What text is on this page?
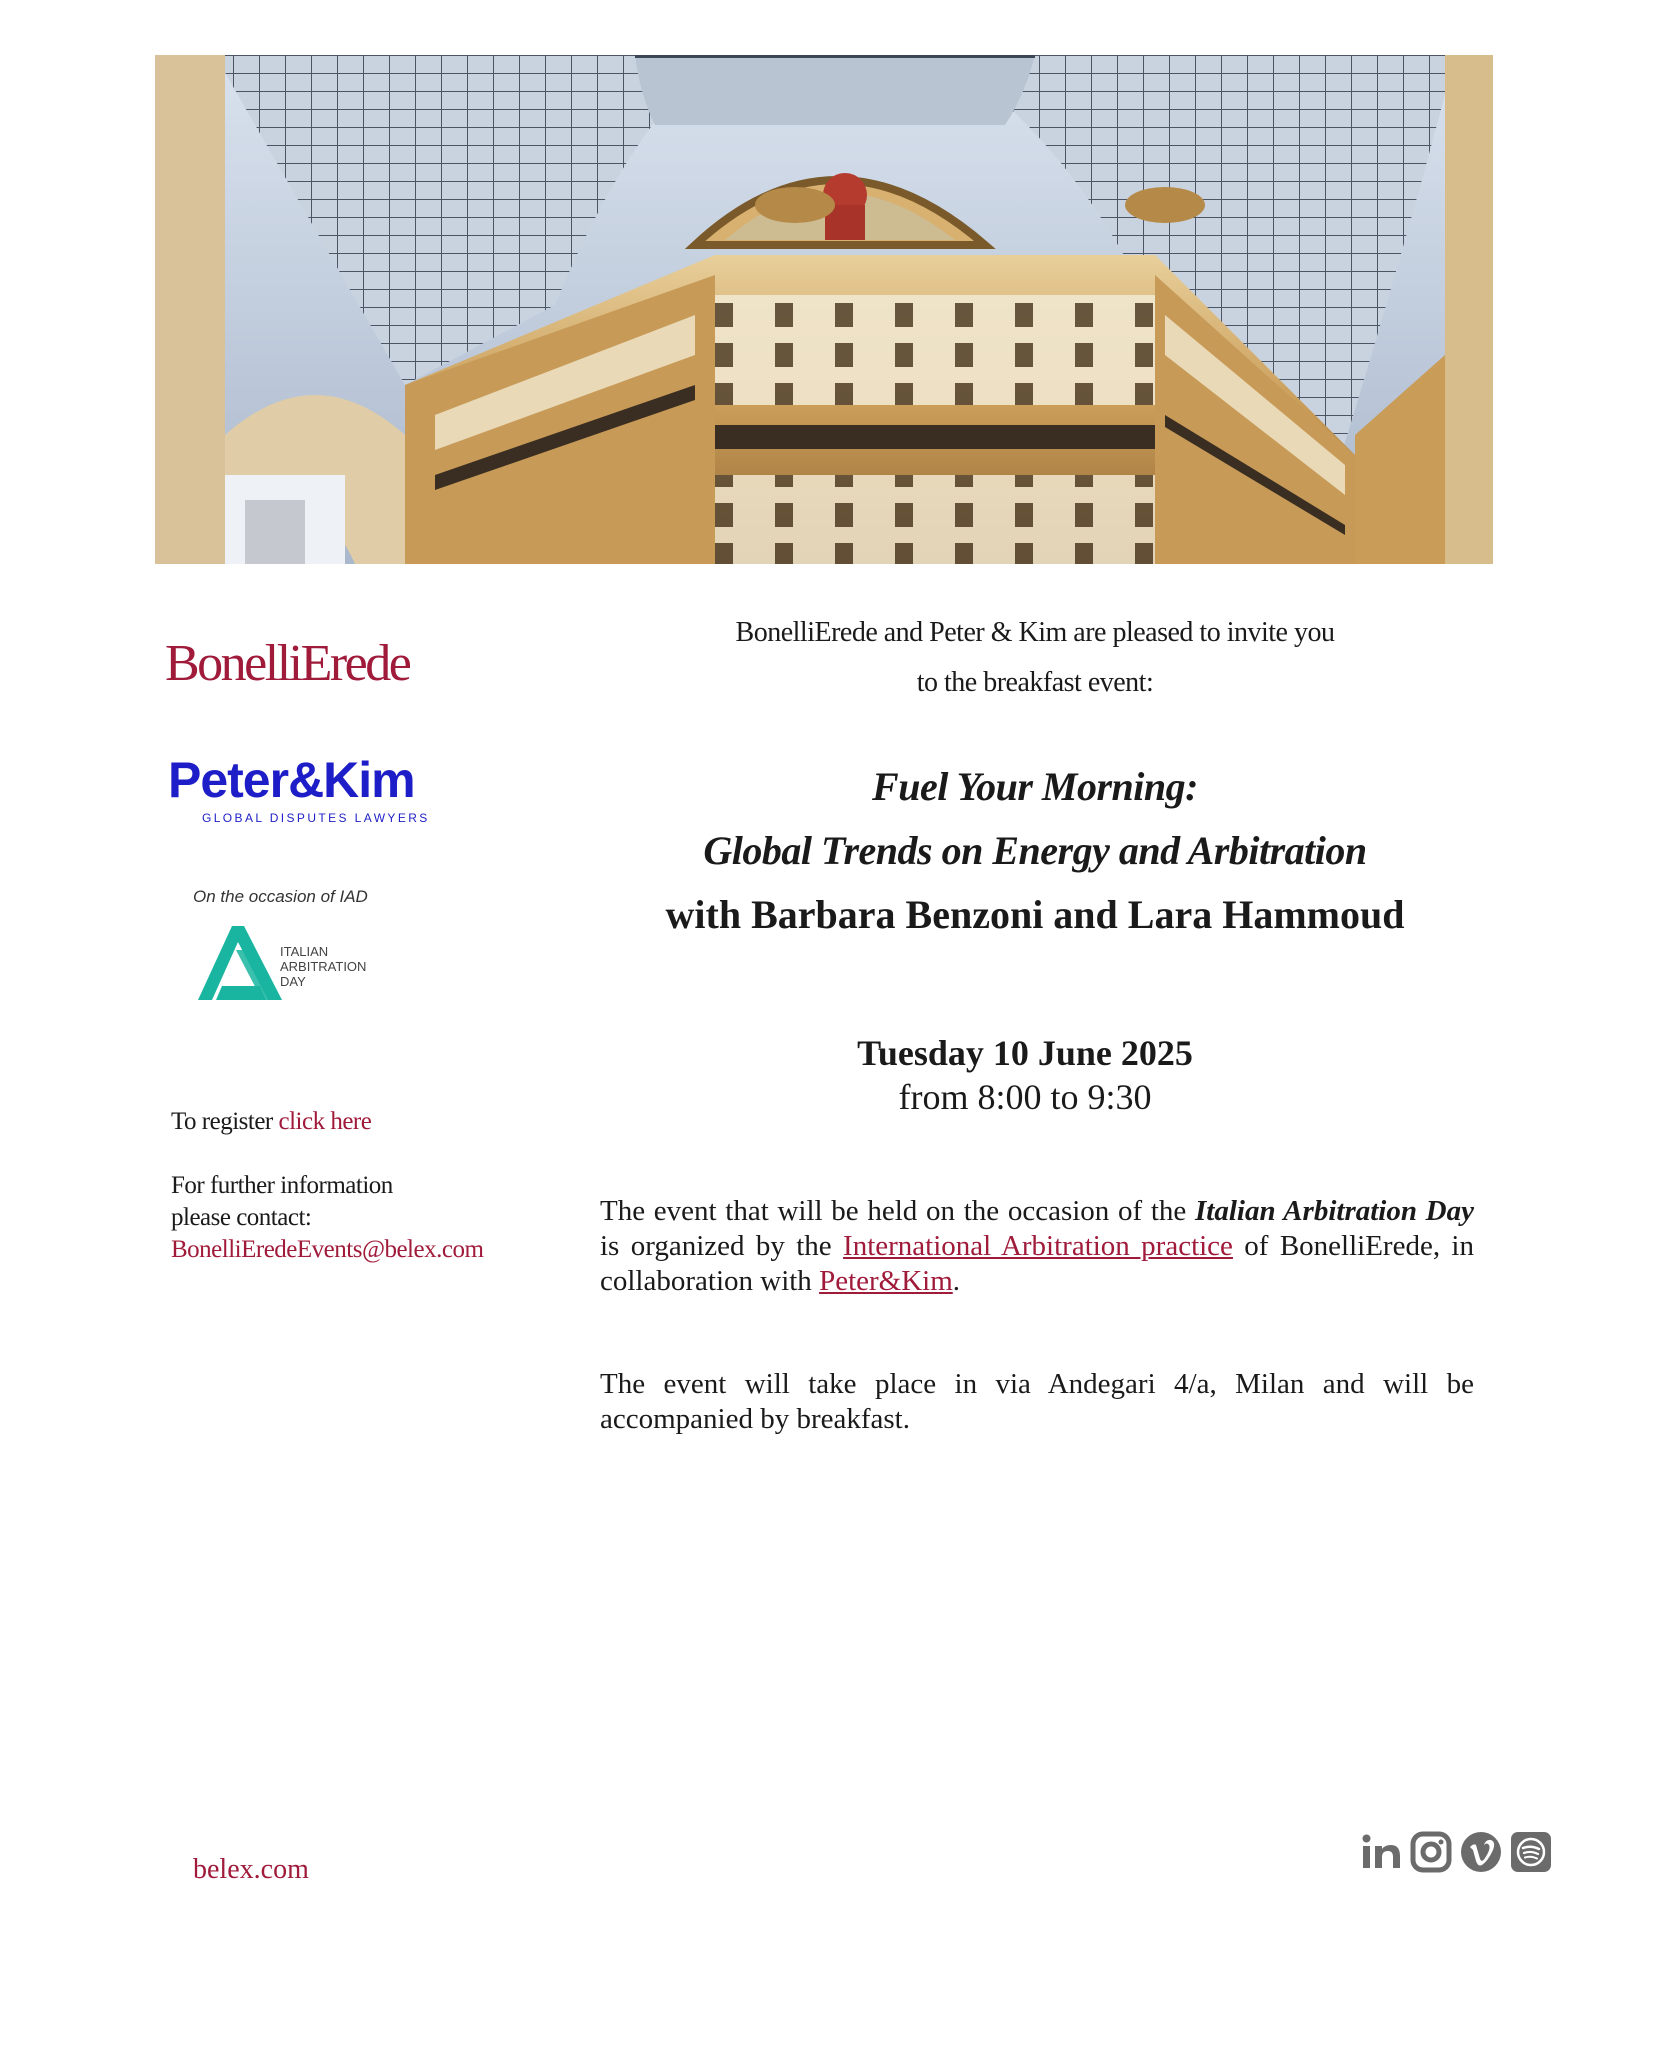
BonelliErede
Peter&Kim
GLOBAL DISPUTES LAWYERS
On the occasion of IAD
ITALIAN
ARBITRATION
DAY
To register click here
For further information
please contact:
BonelliEredeEvents@belex.com
BonelliErede and Peter & Kim are pleased to invite you
to the breakfast event:
Fuel Your Morning:
Global Trends on Energy and Arbitration
with Barbara Benzoni and Lara Hammoud
Tuesday 10 June 2025
from 8:00 to 9:30
The event that will be held on the occasion of the Italian Arbitration Day is organized by the International Arbitration practice of BonelliErede, in collaboration with Peter&Kim.
The event will take place in via Andegari 4/a, Milan and will be accompanied by breakfast.
belex.com
